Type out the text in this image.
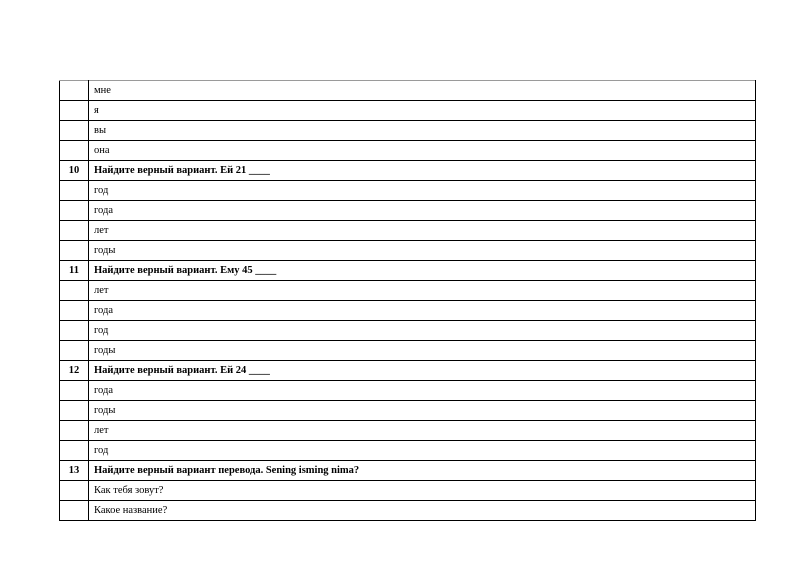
	мне
	я
	вы
	она
10	Найдите верный вариант. Ей 21 ____
	год
	года
	лет
	годы
11	Найдите верный вариант. Ему 45 ____
	лет
	года
	год
	годы
12	Найдите верный вариант. Ей 24 ____
	года
	годы
	лет
	год
13	Найдите верный вариант перевода. Sening isming nima?
	Как тебя зовут?
	Какое название?
